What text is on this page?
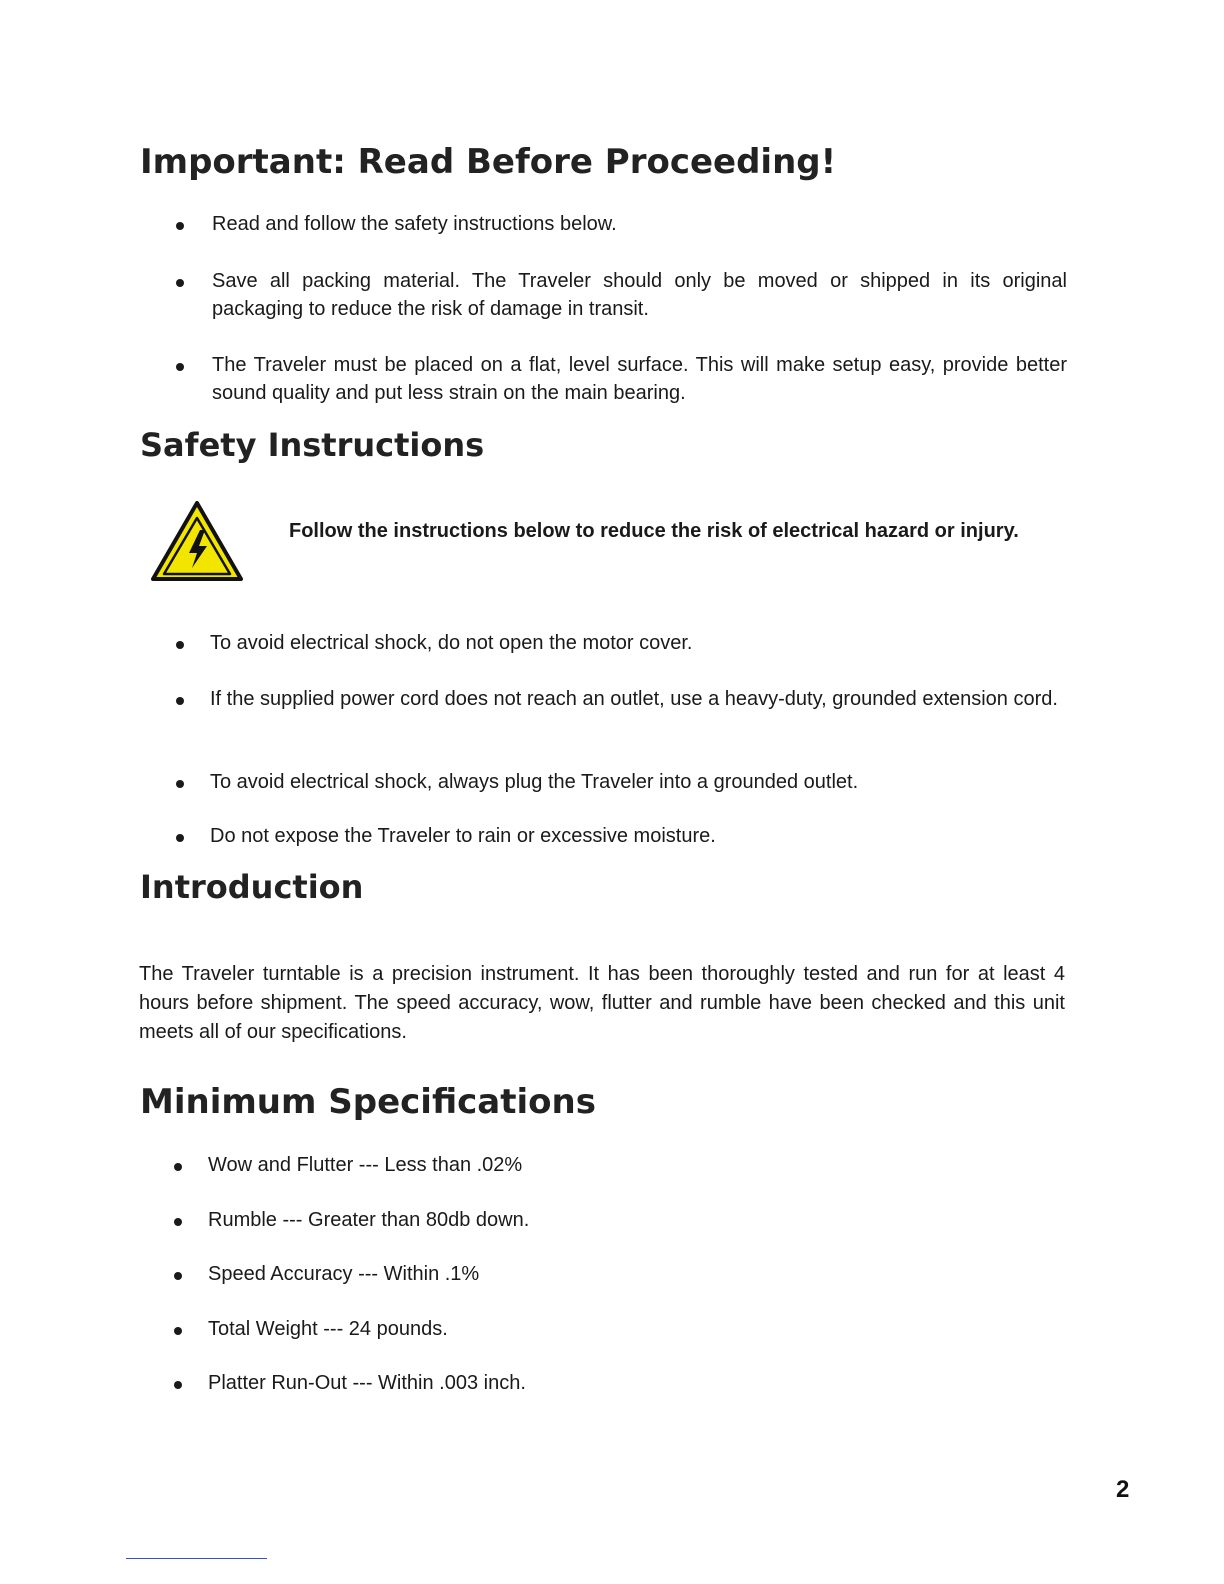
Important: Read Before Proceeding!
Read and follow the safety instructions below.
Save all packing material. The Traveler should only be moved or shipped in its original packaging to reduce the risk of damage in transit.
The Traveler must be placed on a flat, level surface. This will make setup easy, provide better sound quality and put less strain on the main bearing.
Safety Instructions
Follow the instructions below to reduce the risk of electrical hazard or injury.
To avoid electrical shock, do not open the motor cover.
If the supplied power cord does not reach an outlet, use a heavy-duty, grounded extension cord.
To avoid electrical shock, always plug the Traveler into a grounded outlet.
Do not expose the Traveler to rain or excessive moisture.
Introduction

The Traveler turntable is a precision instrument. It has been thoroughly tested and run for at least 4 hours before shipment. The speed accuracy, wow, flutter and rumble have been checked and this unit meets all of our specifications.

Minimum Specifications
Wow and Flutter --- Less than .02%
Rumble --- Greater than 80db down.
Speed Accuracy --- Within .1%
Total Weight --- 24 pounds.
Platter Run-Out --- Within .003 inch.
2
